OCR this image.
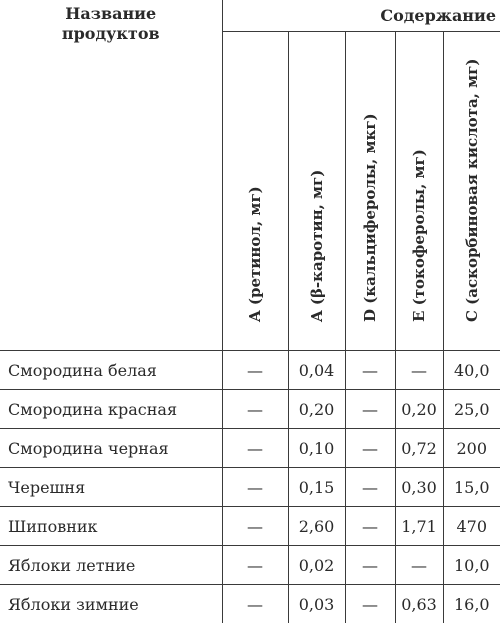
Название
продуктов	Содержание				

	A (ретинол, мг)	A (β-каротин, мг)	D (кальциферолы, мкг)	E (токоферолы, мг)	С (аскорбиновая кислота, мг)

Смородина белая	—	0,04	—	—	40,0
Смородина красная	—	0,20	—	0,20	25,0
Смородина черная	—	0,10	—	0,72	200
Черешня	—	0,15	—	0,30	15,0
Шиповник	—	2,60	—	1,71	470
Яблоки летние	—	0,02	—	—	10,0
Яблоки зимние	—	0,03	—	0,63	16,0
